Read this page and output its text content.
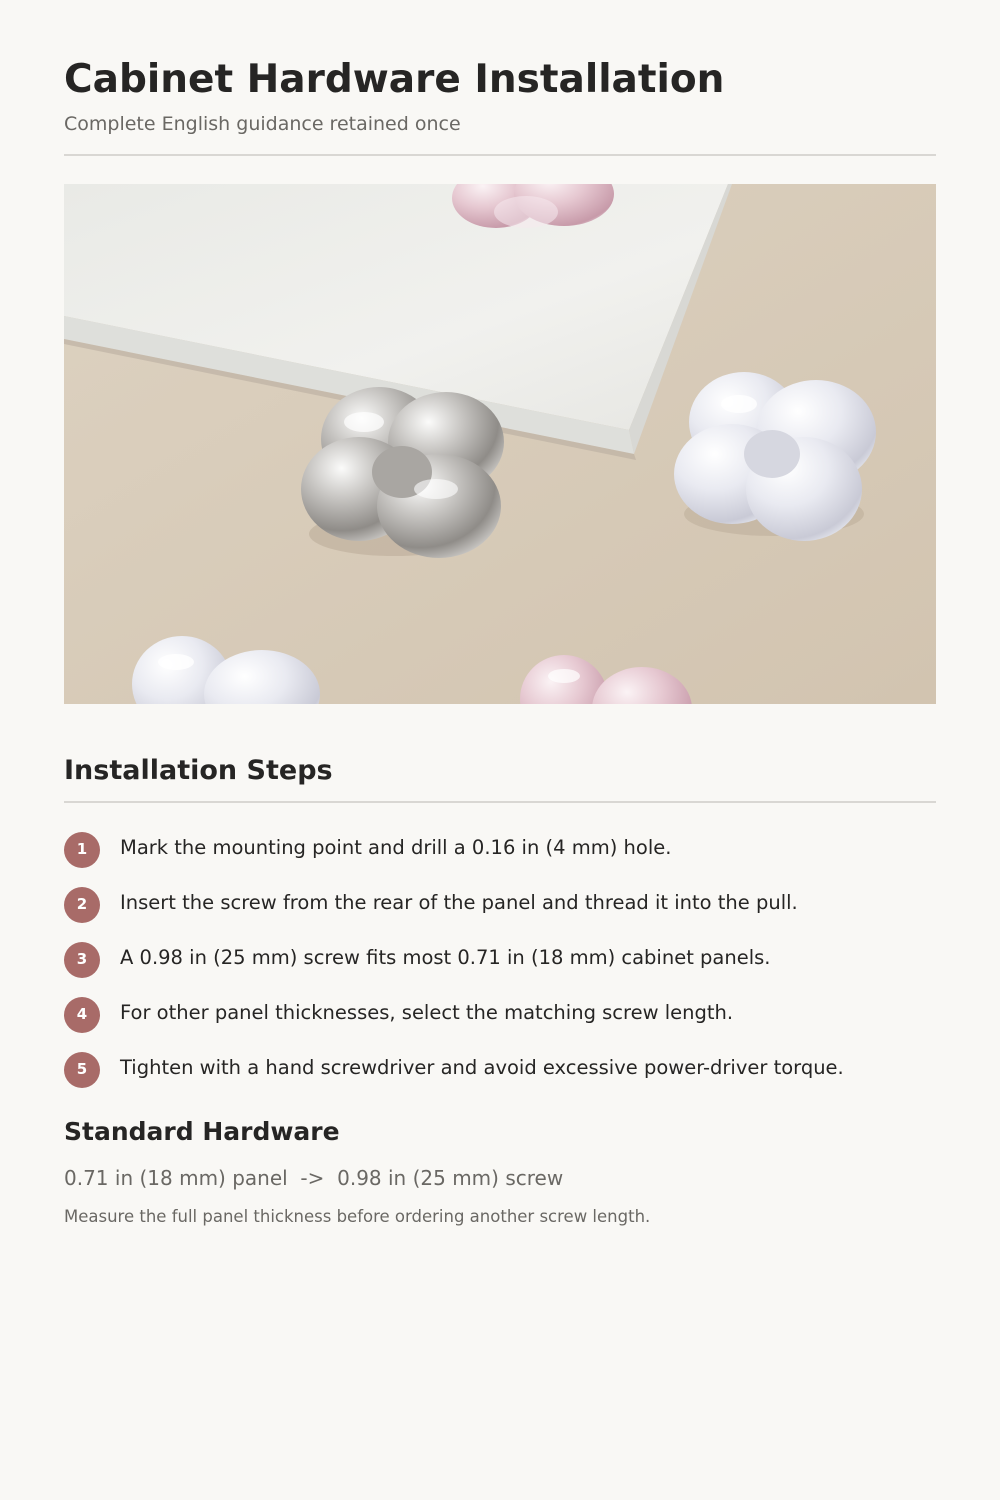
Cabinet Hardware Installation
Complete English guidance retained once
Installation Steps
1	Mark the mounting point and drill a 0.16 in (4 mm) hole.
2	Insert the screw from the rear of the panel and thread it into the pull.
3	A 0.98 in (25 mm) screw fits most 0.71 in (18 mm) cabinet panels.
4	For other panel thicknesses, select the matching screw length.
5	Tighten with a hand screwdriver and avoid excessive power-driver torque.
Standard Hardware
0.71 in (18 mm) panel  ->  0.98 in (25 mm) screw
Measure the full panel thickness before ordering another screw length.
